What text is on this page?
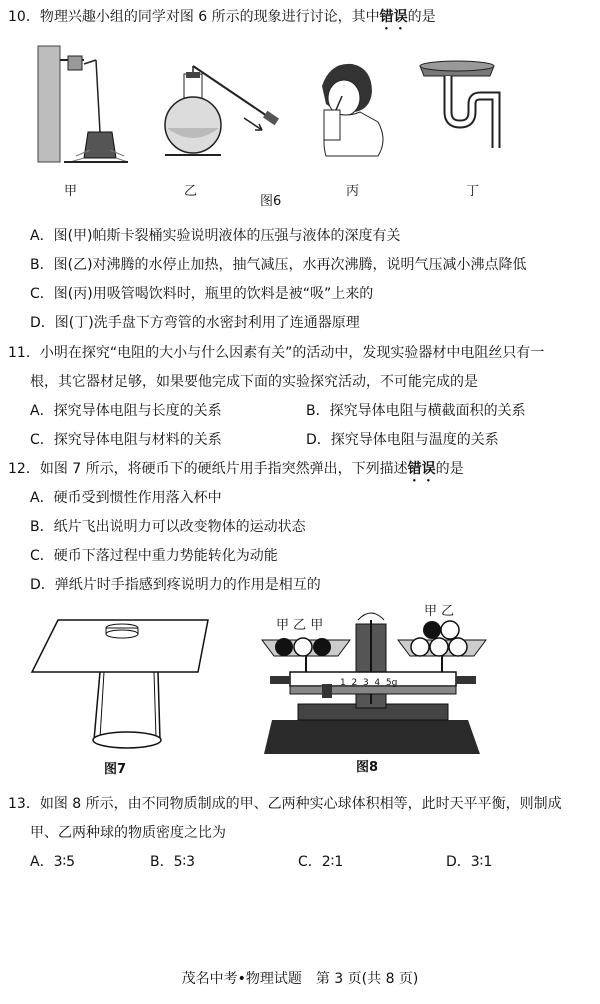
10．物理兴趣小组的同学对图 6 所示的现象进行讨论，其中错误的是
甲	乙	丙	丁
图6
A．图(甲)帕斯卡裂桶实验说明液体的压强与液体的深度有关
B．图(乙)对沸腾的水停止加热，抽气减压，水再次沸腾，说明气压减小沸点降低
C．图(丙)用吸管喝饮料时，瓶里的饮料是被“吸”上来的
D．图(丁)洗手盘下方弯管的水密封利用了连通器原理
11．小明在探究“电阻的大小与什么因素有关”的活动中，发现实验器材中电阻丝只有一
根，其它器材足够，如果要他完成下面的实验探究活动，不可能完成的是
A．探究导体电阻与长度的关系	B．探究导体电阻与横截面积的关系
C．探究导体电阻与材料的关系	D．探究导体电阻与温度的关系
12．如图 7 所示，将硬币下的硬纸片用手指突然弹出，下列描述错误的是
A．硬币受到惯性作用落入杯中
B．纸片飞出说明力可以改变物体的运动状态
C．硬币下落过程中重力势能转化为动能
D．弹纸片时手指感到疼说明力的作用是相互的
甲 乙 甲
甲 乙
1 2 3 4 5g
图7	图8
13．如图 8 所示，由不同物质制成的甲、乙两种实心球体积相等，此时天平平衡，则制成
甲、乙两种球的物质密度之比为
A．3∶5	B．5∶3	C．2∶1	D．3∶1
茂名中考•物理试题　第 3 页(共 8 页)
